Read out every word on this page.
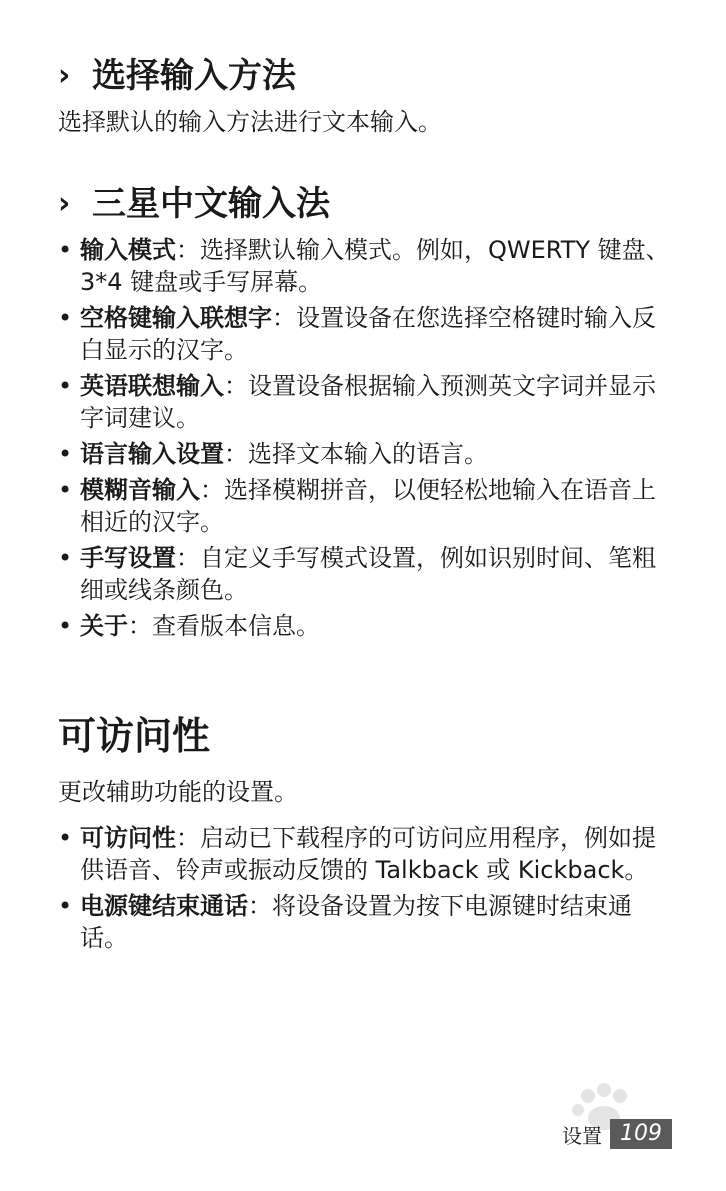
› 选择输入方法

选择默认的输入方法进行文本输入。

› 三星中文输入法
• 输入模式：选择默认输入模式。例如，QWERTY 键盘、3*4 键盘或手写屏幕。
• 空格键输入联想字：设置设备在您选择空格键时输入反白显示的汉字。
• 英语联想输入：设置设备根据输入预测英文字词并显示字词建议。
• 语言输入设置：选择文本输入的语言。
• 模糊音输入：选择模糊拼音，以便轻松地输入在语音上相近的汉字。
• 手写设置：自定义手写模式设置，例如识别时间、笔粗细或线条颜色。
• 关于：查看版本信息。
可访问性

更改辅助功能的设置。

• 可访问性：启动已下载程序的可访问应用程序，例如提供语音、铃声或振动反馈的 Talkback 或 Kickback。
• 电源键结束通话：将设备设置为按下电源键时结束通话。
设置 109
